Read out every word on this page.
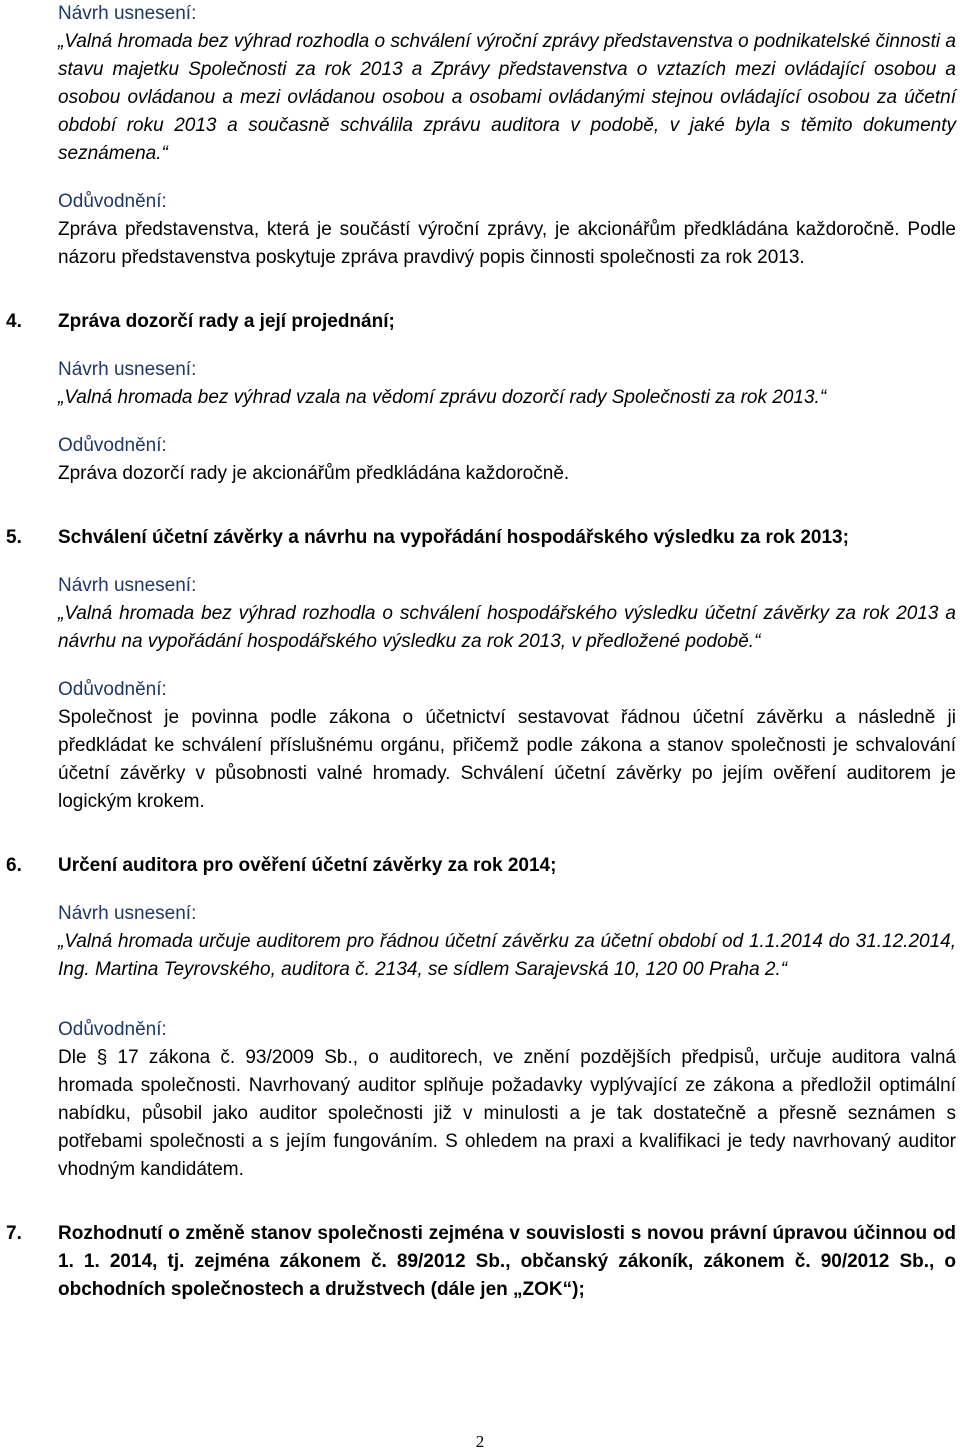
Návrh usnesení:

„Valná hromada bez výhrad rozhodla o schválení výroční zprávy představenstva o podnikatelské činnosti a stavu majetku Společnosti za rok 2013 a Zprávy představenstva o vztazích mezi ovládající osobou a osobou ovládanou a mezi ovládanou osobou a osobami ovládanými stejnou ovládající osobou za účetní období roku 2013 a současně schválila zprávu auditora v podobě, v jaké byla s těmito dokumenty seznámena.“

Odůvodnění:

Zpráva představenstva, která je součástí výroční zprávy, je akcionářům předkládána každoročně. Podle názoru představenstva poskytuje zpráva pravdivý popis činnosti společnosti za rok 2013.

4. Zpráva dozorčí rady a její projednání;

Návrh usnesení:

„Valná hromada bez výhrad vzala na vědomí zprávu dozorčí rady Společnosti za rok 2013.“

Odůvodnění:

Zpráva dozorčí rady je akcionářům předkládána každoročně.

5. Schválení účetní závěrky a návrhu na vypořádání hospodářského výsledku za rok 2013;

Návrh usnesení:

„Valná hromada bez výhrad rozhodla o schválení hospodářského výsledku účetní závěrky za rok 2013 a návrhu na vypořádání hospodářského výsledku za rok 2013, v předložené podobě.“

Odůvodnění:

Společnost je povinna podle zákona o účetnictví sestavovat řádnou účetní závěrku a následně ji předkládat ke schválení příslušnému orgánu, přičemž podle zákona a stanov společnosti je schvalování účetní závěrky v působnosti valné hromady. Schválení účetní závěrky po jejím ověření auditorem je logickým krokem.

6. Určení auditora pro ověření účetní závěrky za rok 2014;

Návrh usnesení:

„Valná hromada určuje auditorem pro řádnou účetní závěrku za účetní období od 1.1.2014 do 31.12.2014, Ing. Martina Teyrovského, auditora č. 2134, se sídlem Sarajevská 10, 120 00 Praha 2.“

Odůvodnění:

Dle § 17 zákona č. 93/2009 Sb., o auditorech, ve znění pozdějších předpisů, určuje auditora valná hromada společnosti. Navrhovaný auditor splňuje požadavky vyplývající ze zákona a předložil optimální nabídku, působil jako auditor společnosti již v minulosti a je tak dostatečně a přesně seznámen s potřebami společnosti a s jejím fungováním. S ohledem na praxi a kvalifikaci je tedy navrhovaný auditor vhodným kandidátem.

7. Rozhodnutí o změně stanov společnosti zejména v souvislosti s novou právní úpravou účinnou od 1. 1. 2014, tj. zejména zákonem č. 89/2012 Sb., občanský zákoník, zákonem č. 90/2012 Sb., o obchodních společnostech a družstvech (dále jen „ZOK“);

2
